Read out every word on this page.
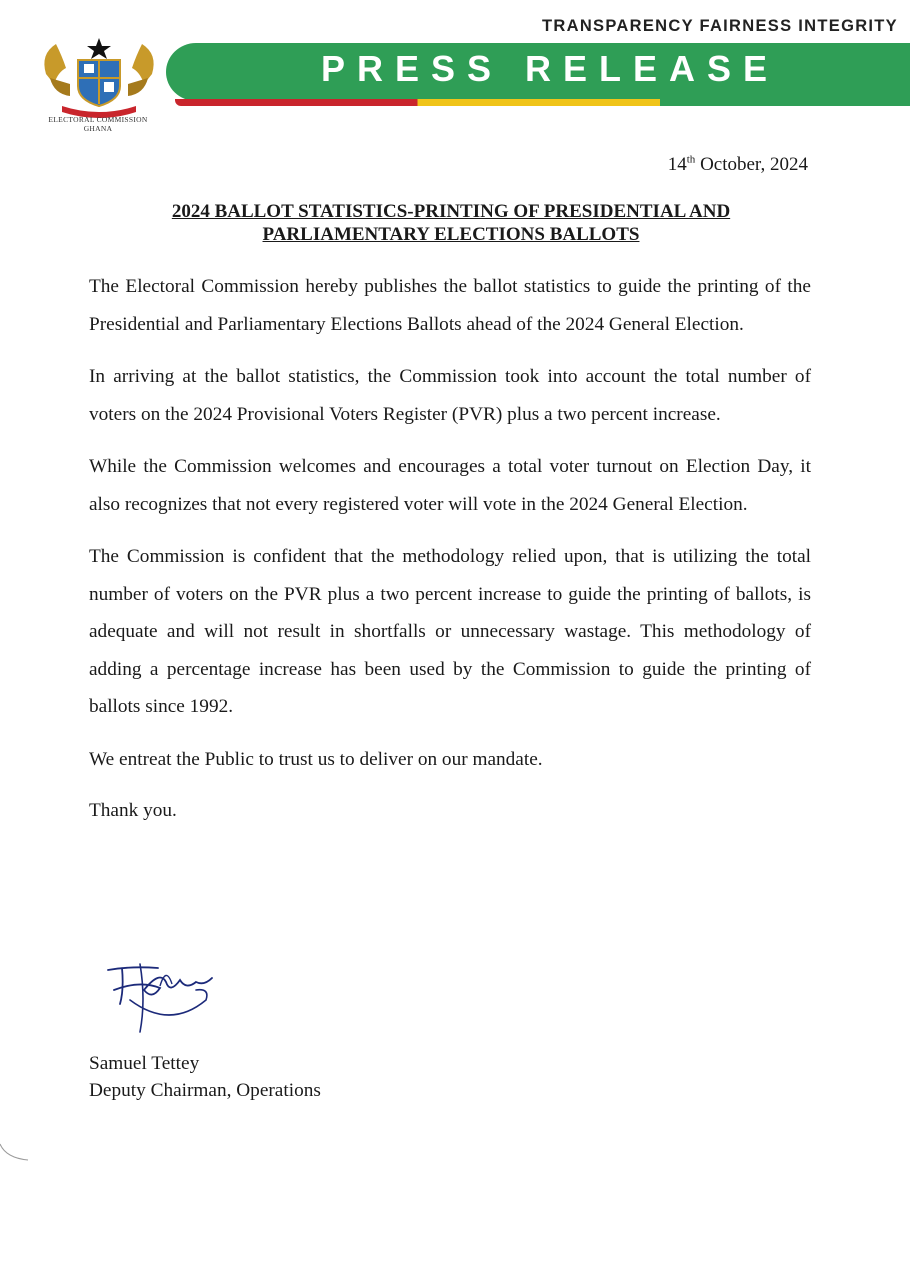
TRANSPARENCY FAIRNESS INTEGRITY
ELECTORAL COMMISSION
GHANA
PRESS RELEASE
14th October, 2024
2024 BALLOT STATISTICS-PRINTING OF PRESIDENTIAL AND
PARLIAMENTARY ELECTIONS BALLOTS

The Electoral Commission hereby publishes the ballot statistics to guide the printing of the Presidential and Parliamentary Elections Ballots ahead of the 2024 General Election.

In arriving at the ballot statistics, the Commission took into account the total number of voters on the 2024 Provisional Voters Register (PVR) plus a two percent increase.

While the Commission welcomes and encourages a total voter turnout on Election Day, it also recognizes that not every registered voter will vote in the 2024 General Election.

The Commission is confident that the methodology relied upon, that is utilizing the total number of voters on the PVR plus a two percent increase to guide the printing of ballots, is adequate and will not result in shortfalls or unnecessary wastage. This methodology of adding a percentage increase has been used by the Commission to guide the printing of ballots since 1992.

We entreat the Public to trust us to deliver on our mandate.

Thank you.

Samuel Tettey
Deputy Chairman, Operations
